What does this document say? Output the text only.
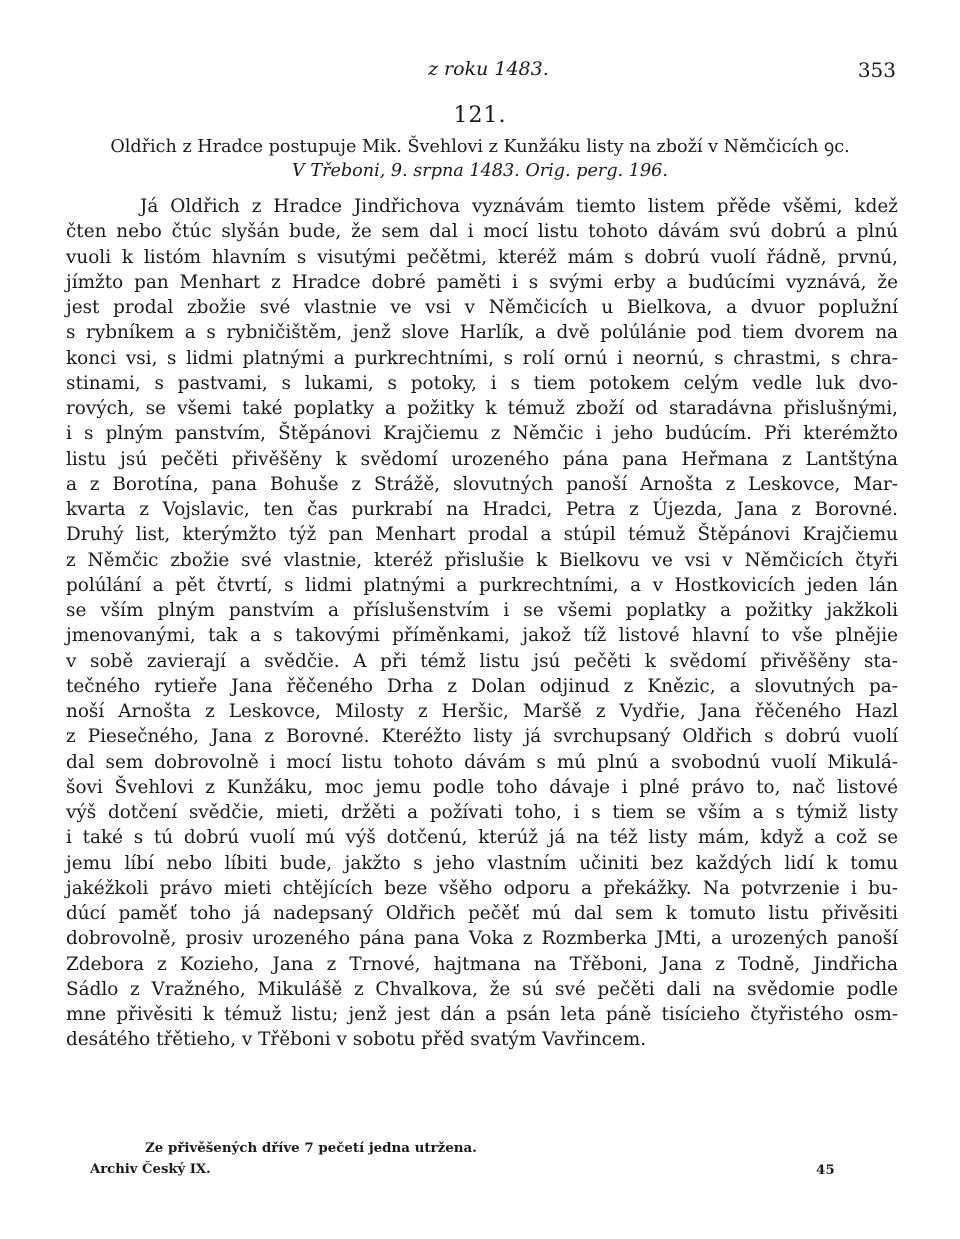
z roku 1483.	353
121.
Oldřich z Hradce postupuje Mik. Švehlovi z Kunžáku listy na zboží v Němčicích ꝯc.
V Třeboni, 9. srpna 1483. Orig. perg. 196.
Já Oldřich z Hradce Jindřichova vyznávám tiemto listem přěde všěmi, kdež
čten nebo čtúc slyšán bude, že sem dal i mocí listu tohoto dávám svú dobrú a plnú
vuoli k listóm hlavním s visutými pečětmi, kteréž mám s dobrú vuolí řádně, prvnú,
jímžto pan Menhart z Hradce dobré paměti i s svými erby a budúcími vyznává, že
jest prodal zbožie své vlastnie ve vsi v Němčicích u Bielkova, a dvuor poplužní
s rybníkem a s rybničištěm, jenž slove Harlík, a dvě polúlánie pod tiem dvorem na
konci vsi, s lidmi platnými a purkrechtními, s rolí ornú i neornú, s chrastmi, s chra-
stinami, s pastvami, s lukami, s potoky, i s tiem potokem celým vedle luk dvo-
rových, se všemi také poplatky a požitky k témuž zboží od staradávna přislušnými,
i s plným panstvím, Štěpánovi Krajčiemu z Němčic i jeho budúcím. Při kterémžto
listu jsú pečěti přivěšěny k svědomí urozeného pána pana Heřmana z Lantštýna
a z Borotína, pana Bohuše z Strážě, slovutných panoší Arnošta z Leskovce, Mar-
kvarta z Vojslavic, ten čas purkrabí na Hradci, Petra z Újezda, Jana z Borovné.
Druhý list, kterýmžto týž pan Menhart prodal a stúpil témuž Štěpánovi Krajčiemu
z Němčic zbožie své vlastnie, kteréž přislušie k Bielkovu ve vsi v Němčicích čtyři
polúlání a pět čtvrtí, s lidmi platnými a purkrechtními, a v Hostkovicích jeden lán
se vším plným panstvím a příslušenstvím i se všemi poplatky a požitky jakžkoli
jmenovanými, tak a s takovými příměnkami, jakož tíž listové hlavní to vše plnějie
v sobě zavierají a svědčie. A při témž listu jsú pečěti k svědomí přivěšěny sta-
tečného rytieře Jana řěčeného Drha z Dolan odjinud z Knězic, a slovutných pa-
noší Arnošta z Leskovce, Milosty z Heršic, Maršě z Vydřie, Jana řěčeného Hazl
z Piesečného, Jana z Borovné. Kteréžto listy já svrchupsaný Oldřich s dobrú vuolí
dal sem dobrovolně i mocí listu tohoto dávám s mú plnú a svobodnú vuolí Mikulá-
šovi Švehlovi z Kunžáku, moc jemu podle toho dávaje i plné právo to, nač listové
výš dotčení svědčie, mieti, držěti a požívati toho, i s tiem se vším a s týmiž listy
i také s tú dobrú vuolí mú výš dotčenú, kterúž já na též listy mám, když a což se
jemu líbí nebo líbiti bude, jakžto s jeho vlastním učiniti bez každých lidí k tomu
jakéžkoli právo mieti chtějících beze všěho odporu a překážky. Na potvrzenie i bu-
dúcí paměť toho já nadepsaný Oldřich pečěť mú dal sem k tomuto listu přivěsiti
dobrovolně, prosiv urozeného pána pana Voka z Rozmberka JMti, a urozených panoší
Zdebora z Kozieho, Jana z Trnové, hajtmana na Třěboni, Jana z Todně, Jindřicha
Sádlo z Vražného, Mikulášě z Chvalkova, že sú své pečěti dali na svědomie podle
mne přivěsiti k témuž listu; jenž jest dán a psán leta páně tisícieho čtyřistého osm-
desátého třětieho, v Třěboni v sobotu přěd svatým Vavřincem.
Ze přivěšených dříve 7 pečetí jedna utržena.
Archiv Český IX.	45
